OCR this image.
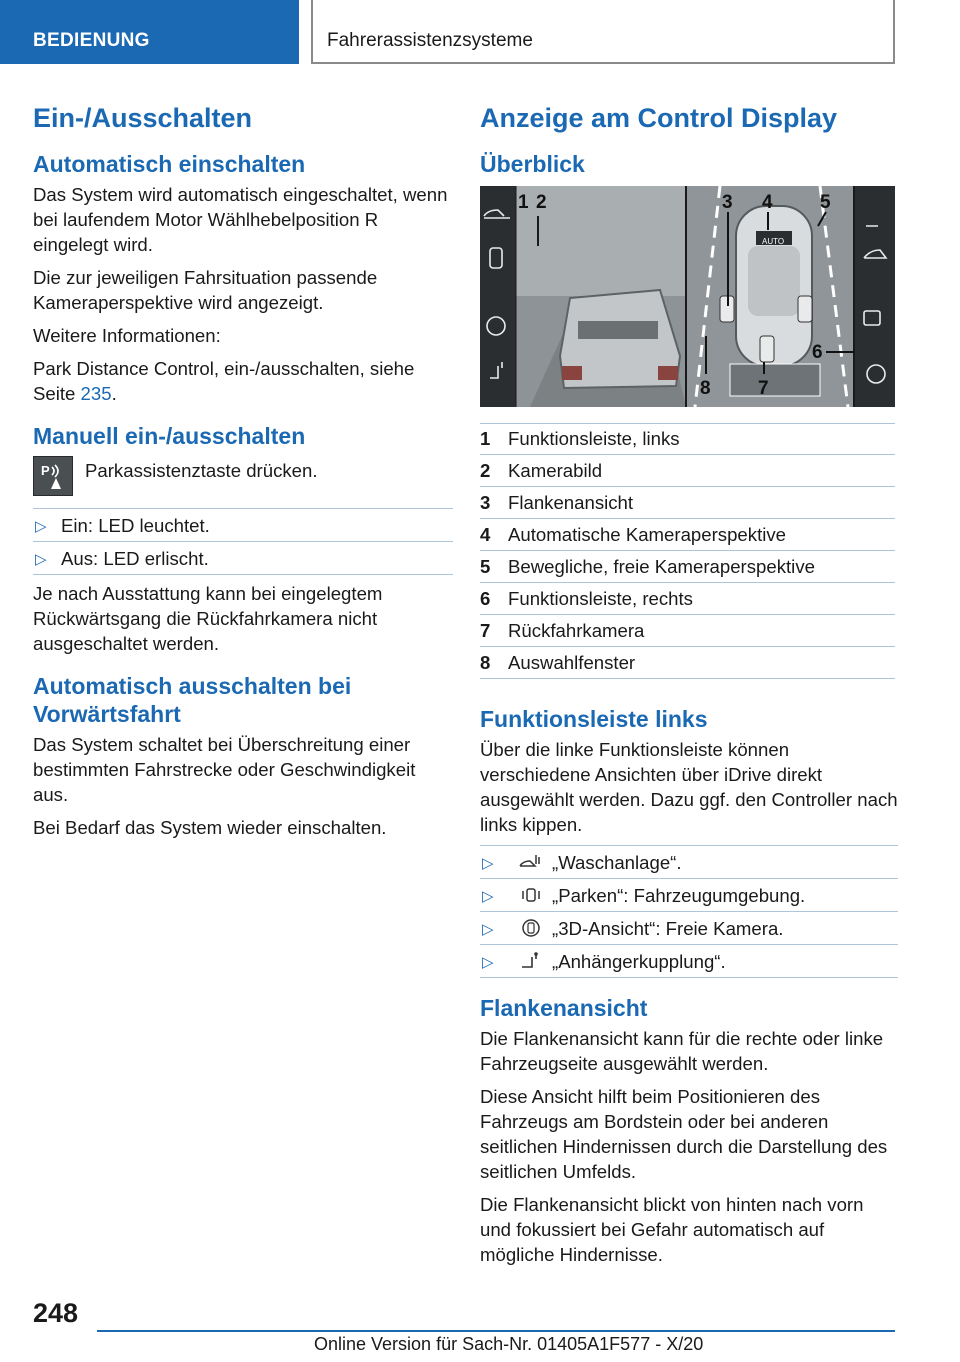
BEDIENUNG	Fahrerassistenzsysteme
Ein-/Ausschalten
Automatisch einschalten

Das System wird automatisch eingeschaltet, wenn bei laufendem Motor Wählhebelposition R eingelegt wird.

Die zur jeweiligen Fahrsituation passende Kameraperspektive wird angezeigt.

Weitere Informationen:

Park Distance Control, ein-/ausschalten, siehe Seite 235.

Manuell ein-/ausschalten
P Parkassistenztaste drücken.

▷ Ein: LED leuchtet.
▷ Aus: LED erlischt.

Je nach Ausstattung kann bei eingelegtem Rückwärtsgang die Rückfahrkamera nicht ausgeschaltet werden.

Automatisch ausschalten bei Vorwärtsfahrt

Das System schaltet bei Überschreitung einer bestimmten Fahrstrecke oder Geschwindigkeit aus.

Bei Bedarf das System wieder einschalten.

Anzeige am Control Display
Überblick
AUTO
1 2	3 4 5
6
7
8
1 Funktionsleiste, links
2 Kamerabild
3 Flankenansicht
4 Automatische Kameraperspektive
5 Bewegliche, freie Kameraperspektive
6 Funktionsleiste, rechts
7 Rückfahrkamera
8 Auswahlfenster
Funktionsleiste links

Über die linke Funktionsleiste können verschiedene Ansichten über iDrive direkt ausgewählt werden. Dazu ggf. den Controller nach links kippen.

▷	„Waschanlage“.
▷	„Parken“: Fahrzeugumgebung.
▷	„3D-Ansicht“: Freie Kamera.
▷	„Anhängerkupplung“.
Flankenansicht

Die Flankenansicht kann für die rechte oder linke Fahrzeugseite ausgewählt werden.

Diese Ansicht hilft beim Positionieren des Fahrzeugs am Bordstein oder bei anderen seitlichen Hindernissen durch die Darstellung des seitlichen Umfelds.

Die Flankenansicht blickt von hinten nach vorn und fokussiert bei Gefahr automatisch auf mögliche Hindernisse.

248
Online Version für Sach-Nr. 01405A1F577 - X/20
